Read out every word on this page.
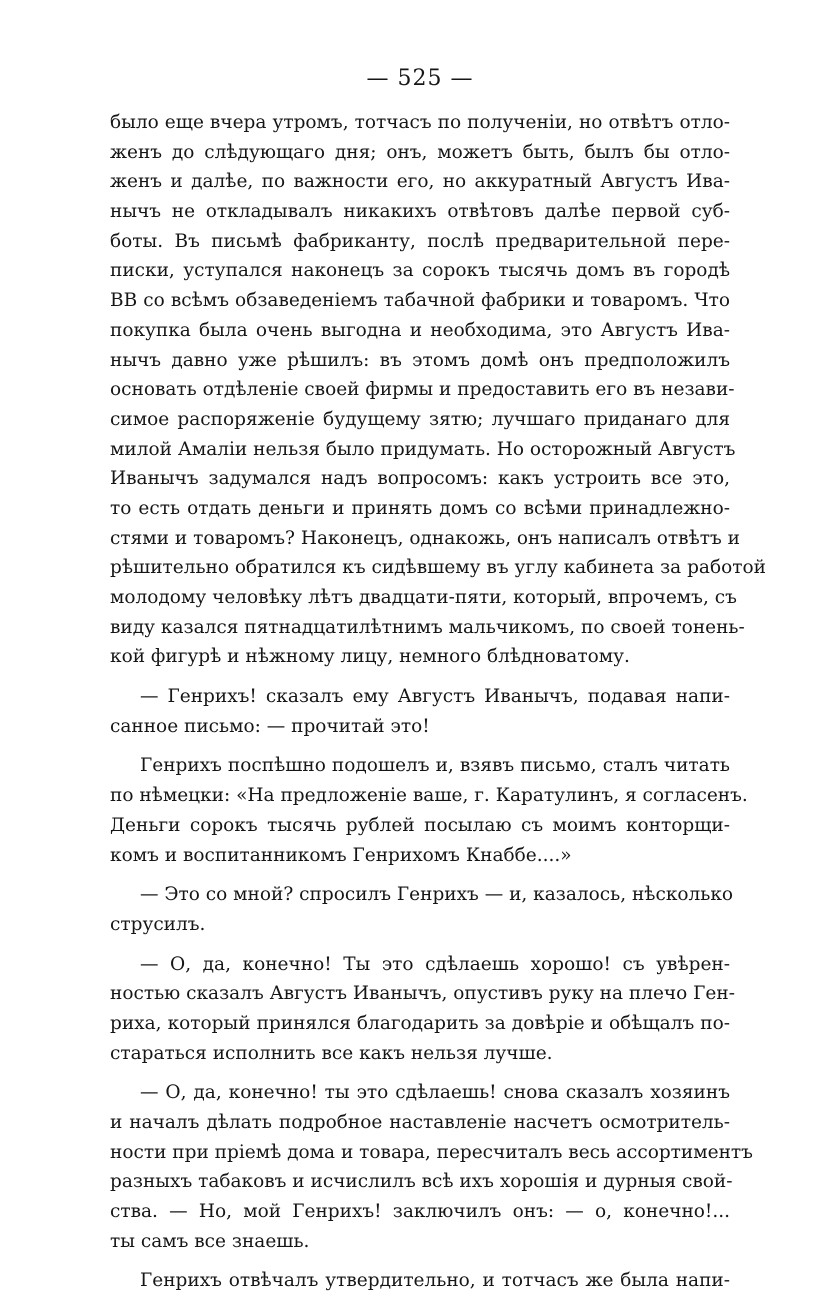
— 525 —
было еще вчера утромъ, тотчасъ по полученіи, но отвѣтъ отло-
женъ до слѣдующаго дня; онъ, можетъ быть, былъ бы отло-
женъ и далѣе, по важности его, но аккуратный Августъ Ива-
нычъ не откладывалъ никакихъ отвѣтовъ далѣе первой суб-
боты. Въ письмѣ фабриканту, послѣ предварительной пере-
писки, уступался наконецъ за сорокъ тысячь домъ въ городѣ
ВВ со всѣмъ обзаведеніемъ табачной фабрики и товаромъ. Что
покупка была очень выгодна и необходима, это Августъ Ива-
нычъ давно уже рѣшилъ: въ этомъ домѣ онъ предположилъ
основать отдѣленіе своей фирмы и предоставить его въ незави-
симое распоряженіе будущему зятю; лучшаго приданаго для
милой Амаліи нельзя было придумать. Но осторожный Августъ
Иванычъ задумался надъ вопросомъ: какъ устроить все это,
то есть отдать деньги и принять домъ со всѣми принадлежно-
стями и товаромъ? Наконецъ, однакожь, онъ написалъ отвѣтъ и
рѣшительно обратился къ сидѣвшему въ углу кабинета за работой
молодому человѣку лѣтъ двадцати-пяти, который, впрочемъ, съ
виду казался пятнадцатилѣтнимъ мальчикомъ, по своей тонень-
кой фигурѣ и нѣжному лицу, немного блѣдноватому.
— Генрихъ! сказалъ ему Августъ Иванычъ, подавая напи-
санное письмо: — прочитай это!
Генрихъ поспѣшно подошелъ и, взявъ письмо, сталъ читать
по нѣмецки: «На предложеніе ваше, г. Каратулинъ, я согласенъ.
Деньги сорокъ тысячь рублей посылаю съ моимъ конторщи-
комъ и воспитанникомъ Генрихомъ Кнаббе....»
— Это со мной? спросилъ Генрихъ — и, казалось, нѣсколько
струсилъ.
— О, да, конечно! Ты это сдѣлаешь хорошо! съ увѣрен-
ностью сказалъ Августъ Иванычъ, опустивъ руку на плечо Ген-
риха, который принялся благодарить за довѣріе и обѣщалъ по-
стараться исполнить все какъ нельзя лучше.
— О, да, конечно! ты это сдѣлаешь! снова сказалъ хозяинъ
и началъ дѣлать подробное наставленіе насчетъ осмотритель-
ности при пріемѣ дома и товара, пересчиталъ весь ассортиментъ
разныхъ табаковъ и исчислилъ всѣ ихъ хорошія и дурныя свой-
ства. — Но, мой Генрихъ! заключилъ онъ: — о, конечно!...
ты самъ все знаешь.
Генрихъ отвѣчалъ утвердительно, и тотчасъ же была напи-
